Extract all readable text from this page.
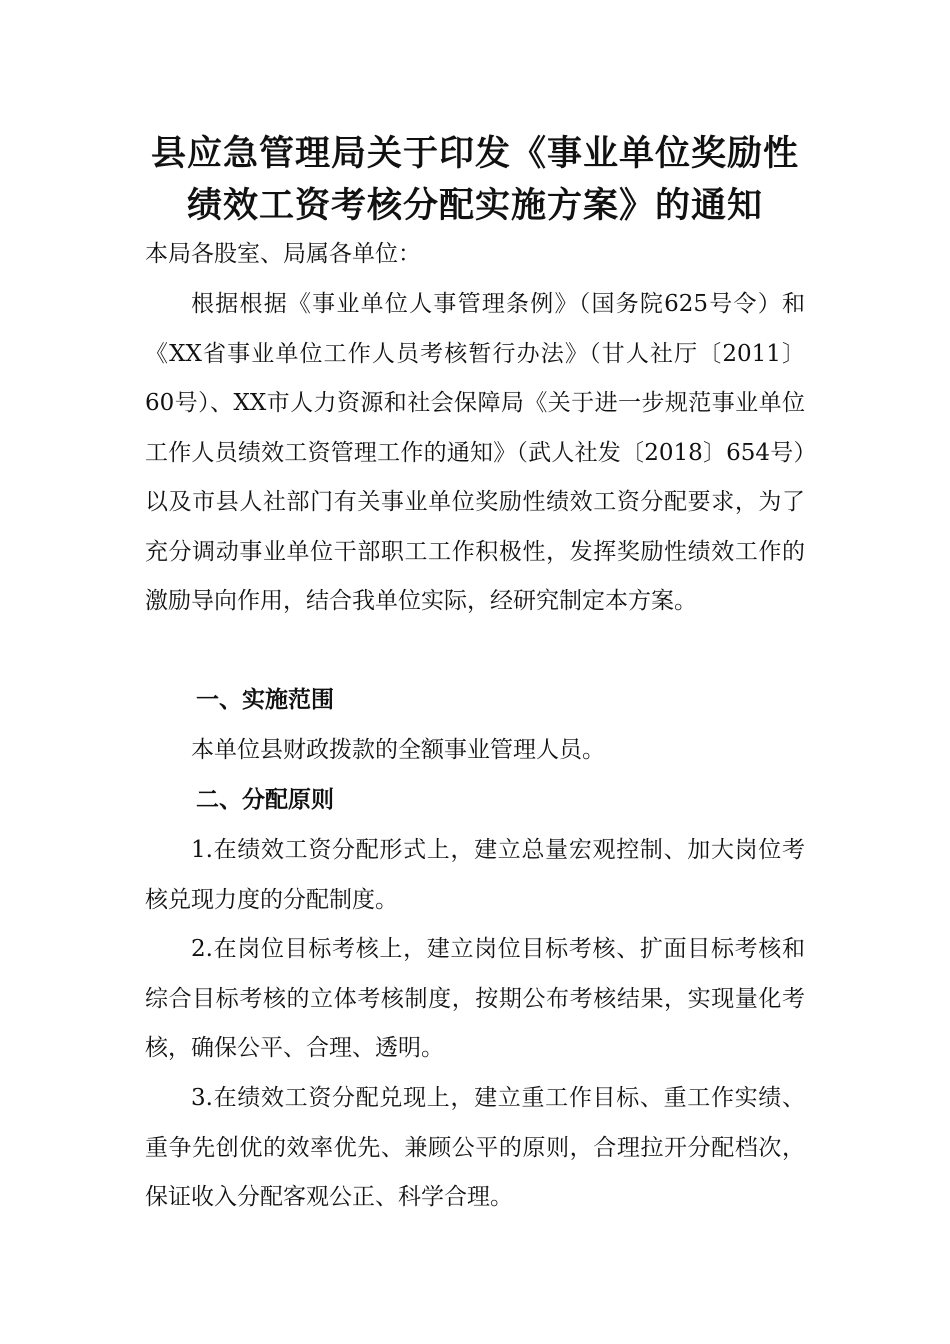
县应急管理局关于印发《事业单位奖励性
绩效工资考核分配实施方案》的通知

本局各股室、局属各单位：

根据根据《事业单位人事管理条例》（国务院625号令）和《XX省事业单位工作人员考核暂行办法》（甘人社厅〔2011〕60号）、XX市人力资源和社会保障局《关于进一步规范事业单位工作人员绩效工资管理工作的通知》（武人社发〔2018〕654号）以及市县人社部门有关事业单位奖励性绩效工资分配要求，为了充分调动事业单位干部职工工作积极性，发挥奖励性绩效工作的激励导向作用，结合我单位实际，经研究制定本方案。

一、实施范围

本单位县财政拨款的全额事业管理人员。

二、分配原则

1.在绩效工资分配形式上，建立总量宏观控制、加大岗位考核兑现力度的分配制度。

2.在岗位目标考核上，建立岗位目标考核、扩面目标考核和综合目标考核的立体考核制度，按期公布考核结果，实现量化考核，确保公平、合理、透明。

3.在绩效工资分配兑现上，建立重工作目标、重工作实绩、重争先创优的效率优先、兼顾公平的原则，合理拉开分配档次，保证收入分配客观公正、科学合理。
